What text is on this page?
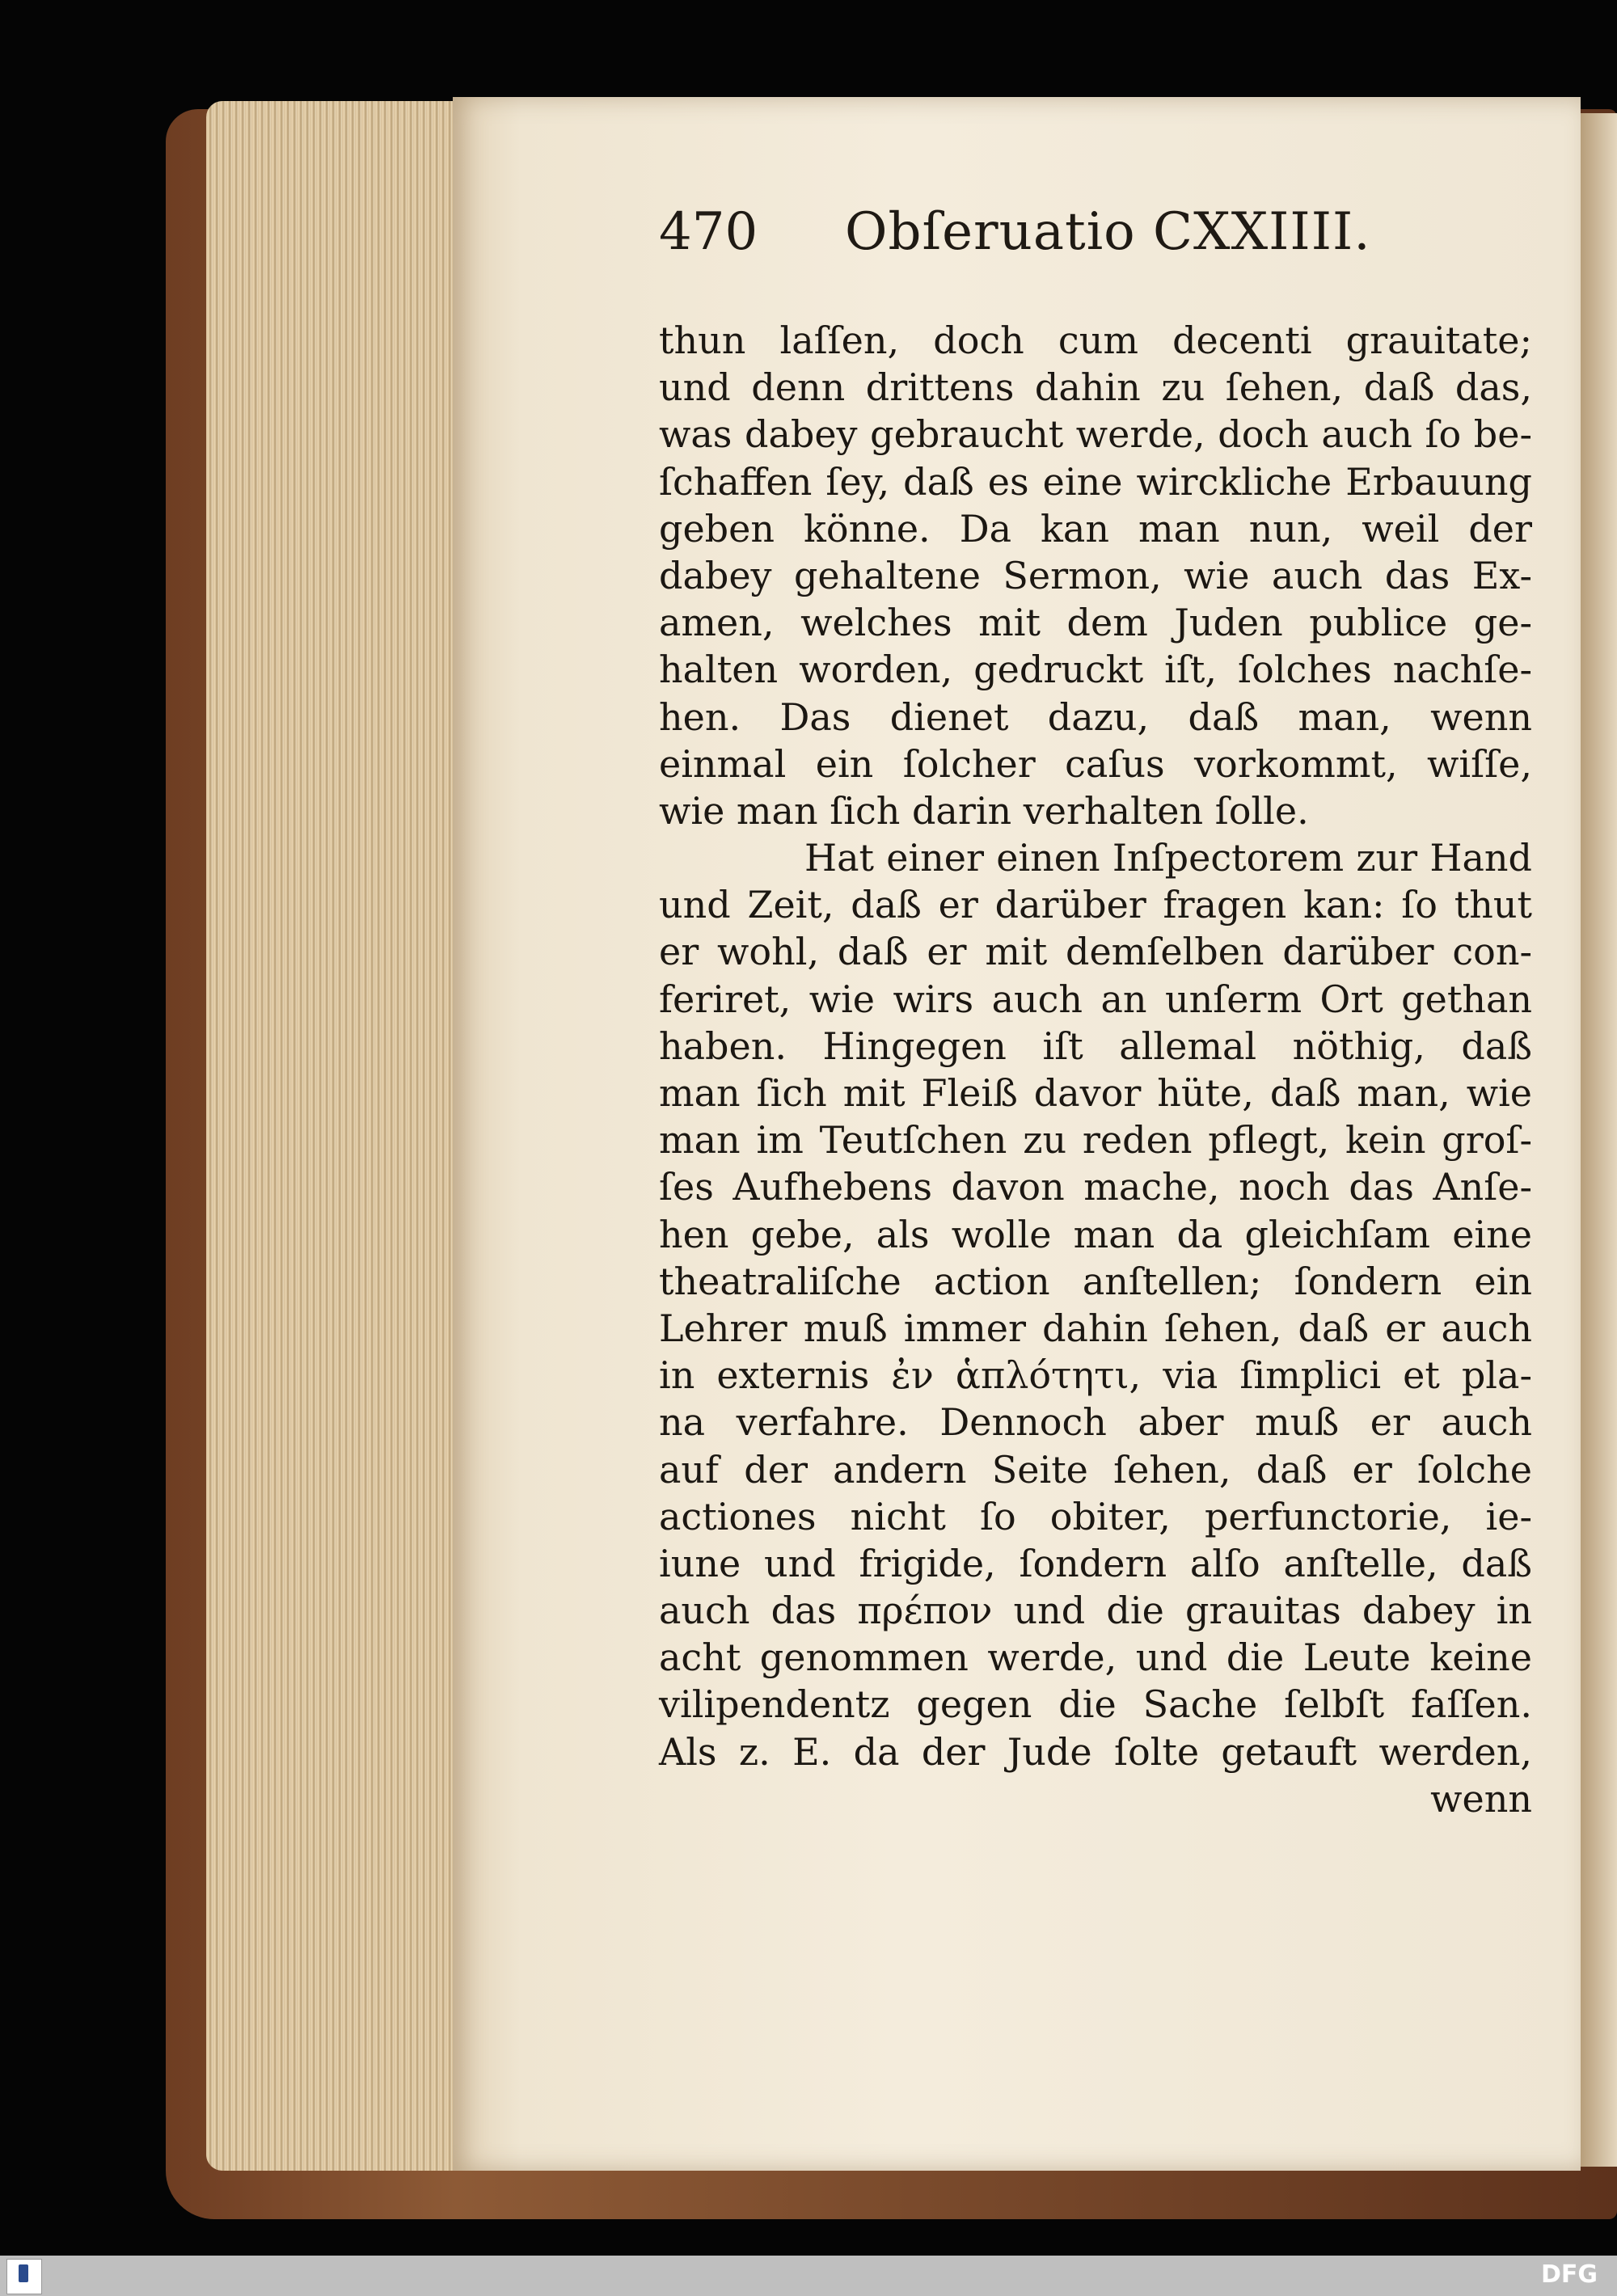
470 Obſeruatio CXXIIII.
thun laſſen, doch cum decenti grauitate;
und denn drittens dahin zu ſehen, daß das,
was dabey gebraucht werde, doch auch ſo be-
ſchaffen ſey, daß es eine wirckliche Erbauung
geben könne. Da kan man nun, weil der
dabey gehaltene Sermon, wie auch das Ex-
amen, welches mit dem Juden publice ge-
halten worden, gedruckt iſt, ſolches nachſe-
hen. Das dienet dazu, daß man, wenn
einmal ein ſolcher caſus vorkommt, wiſſe,
wie man ſich darin verhalten ſolle.
Hat einer einen Inſpectorem zur Hand
und Zeit, daß er darüber fragen kan: ſo thut
er wohl, daß er mit demſelben darüber con-
feriret, wie wirs auch an unſerm Ort gethan
haben. Hingegen iſt allemal nöthig, daß
man ſich mit Fleiß davor hüte, daß man, wie
man im Teutſchen zu reden pflegt, kein groſ-
ſes Aufhebens davon mache, noch das Anſe-
hen gebe, als wolle man da gleichſam eine
theatraliſche action anſtellen; ſondern ein
Lehrer muß immer dahin ſehen, daß er auch
in externis ἐν ἁπλότητι, via ſimplici et pla-
na verfahre. Dennoch aber muß er auch
auf der andern Seite ſehen, daß er ſolche
actiones nicht ſo obiter, perfunctorie, ie-
iune und frigide, ſondern alſo anſtelle, daß
auch das πρέπον und die grauitas dabey in
acht genommen werde, und die Leute keine
vilipendentz gegen die Sache ſelbſt faſſen.
Als z. E. da der Jude ſolte getauft werden,
wenn
DFG
